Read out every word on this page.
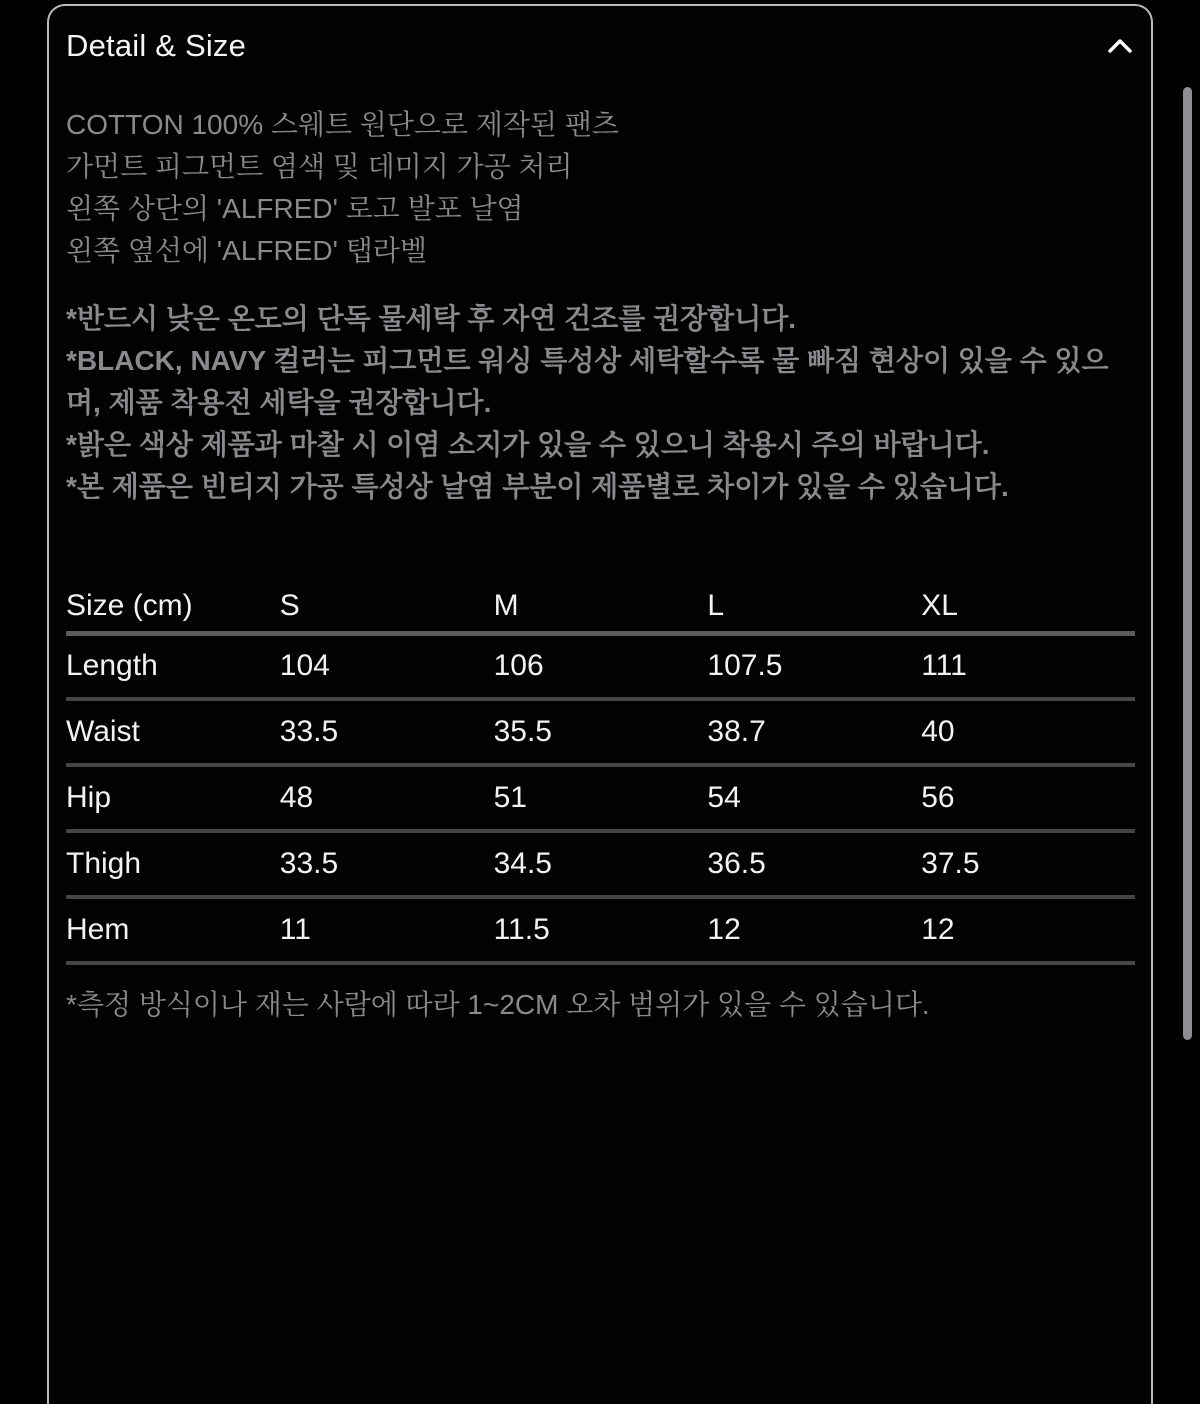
Detail & Size

COTTON 100% 스웨트 원단으로 제작된 팬츠

가먼트 피그먼트 염색 및 데미지 가공 처리

왼쪽 상단의 'ALFRED' 로고 발포 날염

왼쪽 옆선에 'ALFRED' 탭라벨

*반드시 낮은 온도의 단독 물세탁 후 자연 건조를 권장합니다.

*BLACK, NAVY 컬러는 피그먼트 워싱 특성상 세탁할수록 물 빠짐 현상이 있을 수 있으며, 제품 착용전 세탁을 권장합니다.

*밝은 색상 제품과 마찰 시 이염 소지가 있을 수 있으니 착용시 주의 바랍니다.

*본 제품은 빈티지 가공 특성상 날염 부분이 제품별로 차이가 있을 수 있습니다.

Size (cm)	S	M	L	XL
Length	104	106	107.5	111
Waist	33.5	35.5	38.7	40
Hip	48	51	54	56
Thigh	33.5	34.5	36.5	37.5
Hem	11	11.5	12	12

*측정 방식이나 재는 사람에 따라 1~2CM 오차 범위가 있을 수 있습니다.
